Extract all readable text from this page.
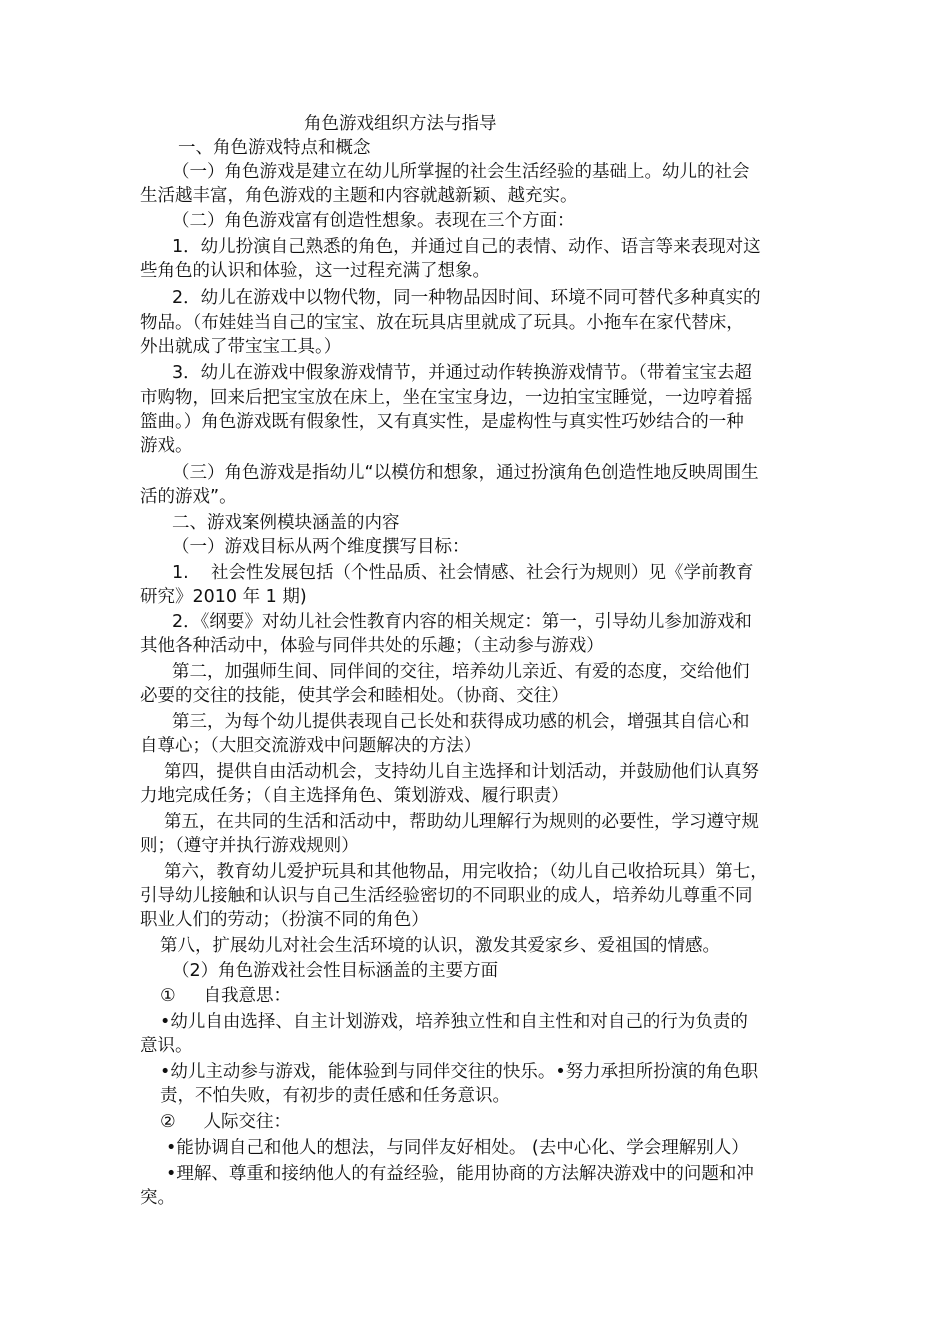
角色游戏组织方法与指导
一、角色游戏特点和概念
（一）角色游戏是建立在幼儿所掌握的社会生活经验的基础上。幼儿的社会
生活越丰富，角色游戏的主题和内容就越新颖、越充实。
（二）角色游戏富有创造性想象。表现在三个方面：
1．幼儿扮演自己熟悉的角色，并通过自己的表情、动作、语言等来表现对这
些角色的认识和体验，这一过程充满了想象。
2．幼儿在游戏中以物代物，同一种物品因时间、环境不同可替代多种真实的
物品。（布娃娃当自己的宝宝、放在玩具店里就成了玩具。小拖车在家代替床，
外出就成了带宝宝工具。）
3．幼儿在游戏中假象游戏情节，并通过动作转换游戏情节。（带着宝宝去超
市购物，回来后把宝宝放在床上，坐在宝宝身边，一边拍宝宝睡觉，一边哼着摇
篮曲。）角色游戏既有假象性，又有真实性，是虚构性与真实性巧妙结合的一种
游戏。
（三）角色游戏是指幼儿“以模仿和想象，通过扮演角色创造性地反映周围生
活的游戏”。
二、游戏案例模块涵盖的内容
（一）游戏目标从两个维度撰写目标：
1.    社会性发展包括（个性品质、社会情感、社会行为规则）见《学前教育
研究》2010 年 1 期)
2．《纲要》对幼儿社会性教育内容的相关规定：第一，引导幼儿参加游戏和
其他各种活动中，体验与同伴共处的乐趣；（主动参与游戏）
第二，加强师生间、同伴间的交往，培养幼儿亲近、有爱的态度，交给他们
必要的交往的技能，使其学会和睦相处。（协商、交往）
第三，为每个幼儿提供表现自己长处和获得成功感的机会，增强其自信心和
自尊心；（大胆交流游戏中问题解决的方法）
第四，提供自由活动机会，支持幼儿自主选择和计划活动，并鼓励他们认真努
力地完成任务；（自主选择角色、策划游戏、履行职责）
第五，在共同的生活和活动中，帮助幼儿理解行为规则的必要性，学习遵守规
则；（遵守并执行游戏规则）
第六，教育幼儿爱护玩具和其他物品，用完收拾；（幼儿自己收拾玩具）第七，
引导幼儿接触和认识与自己生活经验密切的不同职业的成人，培养幼儿尊重不同
职业人们的劳动；（扮演不同的角色）
第八，扩展幼儿对社会生活环境的认识，激发其爱家乡、爱祖国的情感。
（2）角色游戏社会性目标涵盖的主要方面
①     自我意思：
•幼儿自由选择、自主计划游戏，培养独立性和自主性和对自己的行为负责的
意识。
•幼儿主动参与游戏，能体验到与同伴交往的快乐。•努力承担所扮演的角色职
责，不怕失败，有初步的责任感和任务意识。
②     人际交往：
•能协调自己和他人的想法，与同伴友好相处。 (去中心化、学会理解别人）
•理解、尊重和接纳他人的有益经验，能用协商的方法解决游戏中的问题和冲
突。
